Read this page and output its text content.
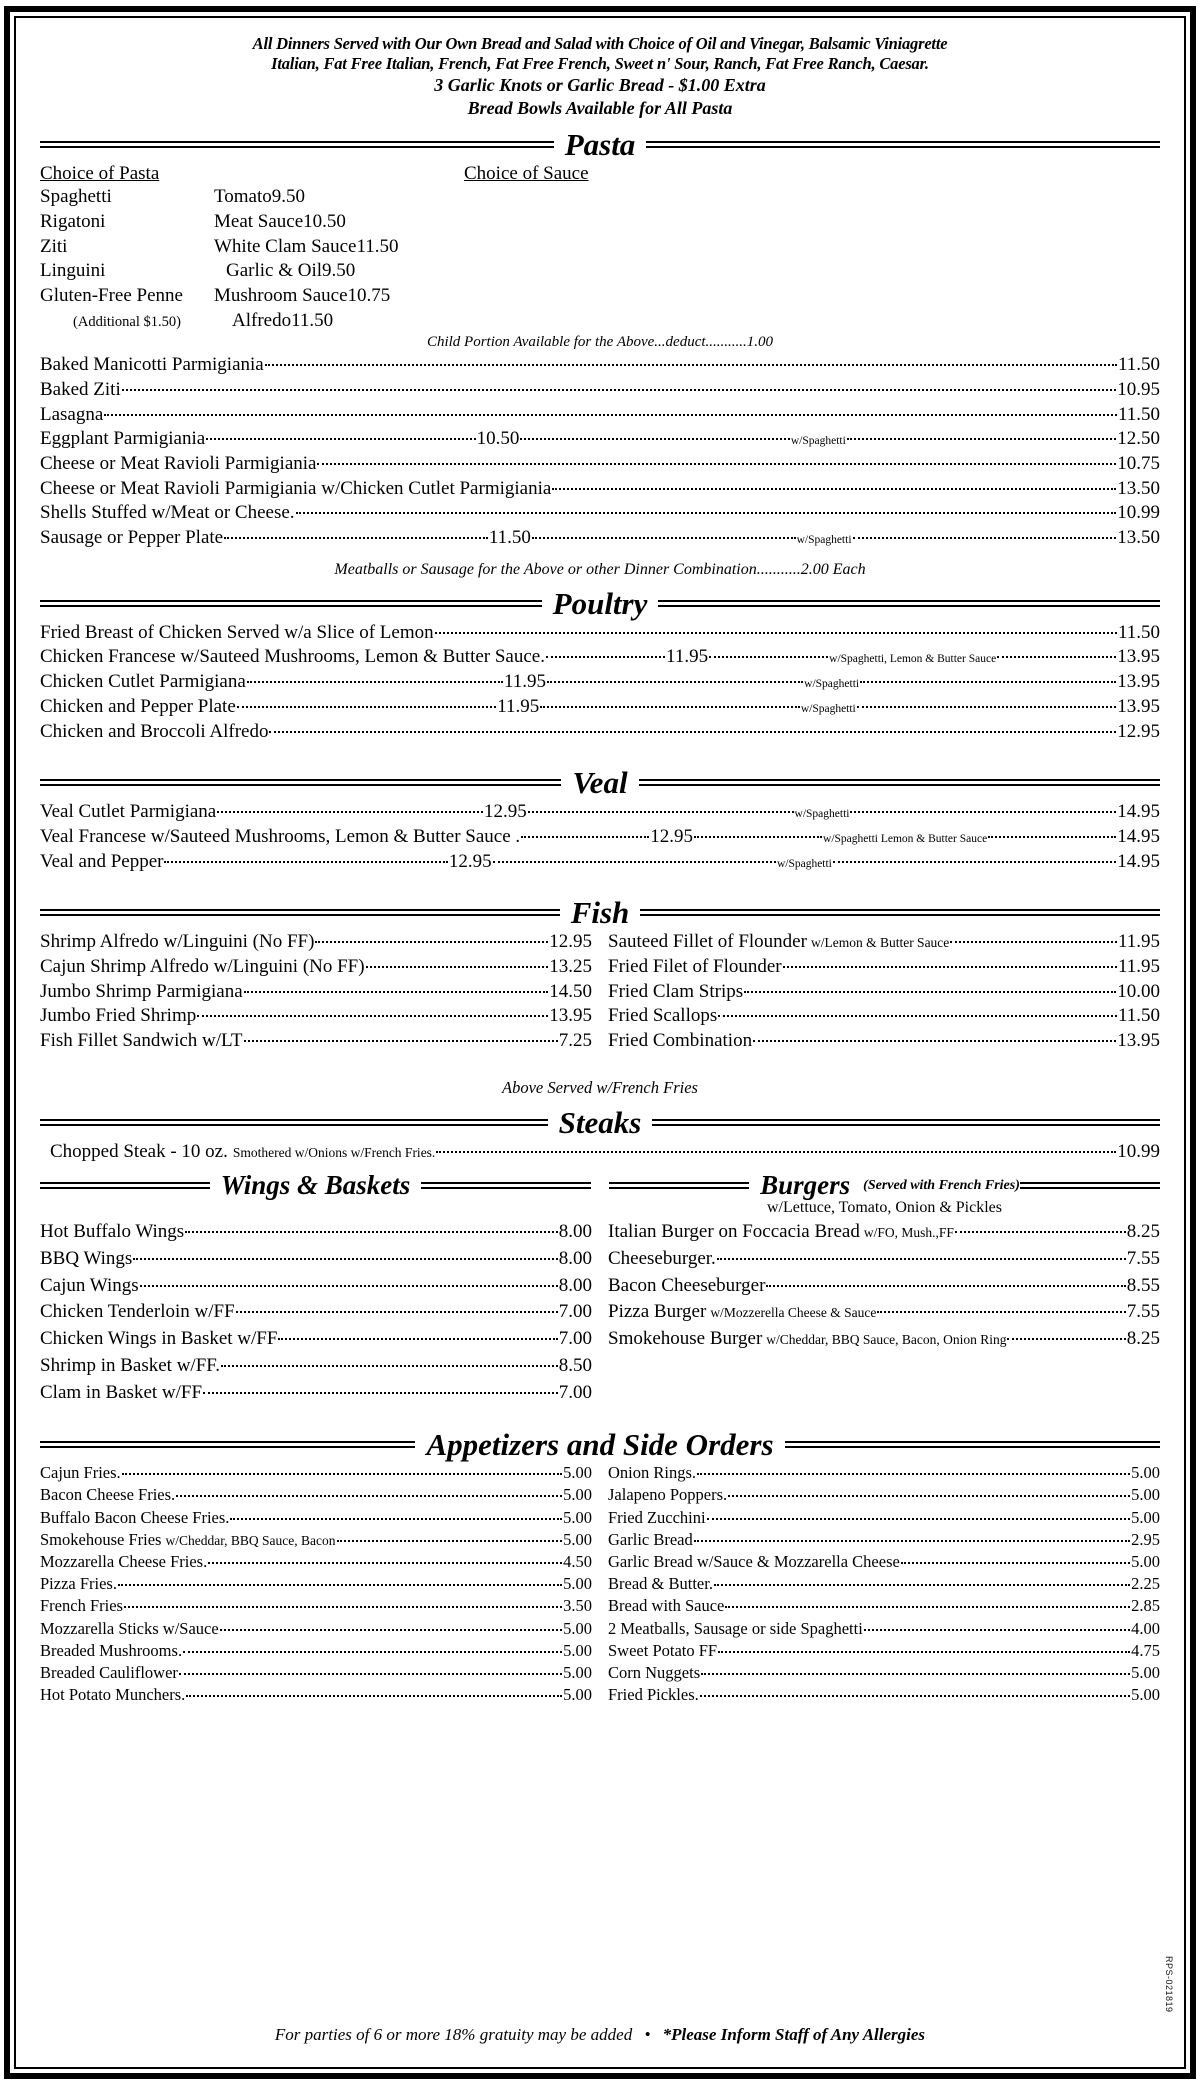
All Dinners Served with Our Own Bread and Salad with Choice of Oil and Vinegar, Balsamic Viniagrette
Italian, Fat Free Italian, French, Fat Free French, Sweet n' Sour, Ranch, Fat Free Ranch, Caesar.
3 Garlic Knots or Garlic Bread - $1.00 Extra
Bread Bowls Available for All Pasta
Pasta
Choice of Pasta	Choice of Sauce
Spaghetti	Tomato 9.50
Rigatoni	Meat Sauce 10.50
Ziti	White Clam Sauce 11.50
Linguini	Garlic & Oil 9.50
Gluten-Free Penne	Mushroom Sauce 10.75
(Additional $1.50)	Alfredo 11.50
Child Portion Available for the Above...deduct...........1.00
Baked Manicotti Parmigiania	11.50
Baked Ziti	10.95
Lasagna	11.50
Eggplant Parmigiania	10.50	w/Spaghetti	12.50
Cheese or Meat Ravioli Parmigiania	10.75
Cheese or Meat Ravioli Parmigiania w/Chicken Cutlet Parmigiania	13.50
Shells Stuffed w/Meat or Cheese.	10.99
Sausage or Pepper Plate	11.50	w/Spaghetti	13.50
Meatballs or Sausage for the Above or other Dinner Combination...........2.00 Each
Poultry
Fried Breast of Chicken Served w/a Slice of Lemon	11.50
Chicken Francese w/Sauteed Mushrooms, Lemon & Butter Sauce.	11.95	w/Spaghetti, Lemon & Butter Sauce	13.95
Chicken Cutlet Parmigiana	11.95	w/Spaghetti	13.95
Chicken and Pepper Plate	11.95	w/Spaghetti	13.95
Chicken and Broccoli Alfredo	12.95
Veal
Veal Cutlet Parmigiana	12.95	w/Spaghetti	14.95
Veal Francese w/Sauteed Mushrooms, Lemon & Butter Sauce .	12.95	w/Spaghetti Lemon & Butter Sauce	14.95
Veal and Pepper	12.95	w/Spaghetti	14.95
Fish
Shrimp Alfredo w/Linguini (No FF)	12.95
Cajun Shrimp Alfredo w/Linguini (No FF)	13.25
Jumbo Shrimp Parmigiana	14.50
Jumbo Fried Shrimp	13.95
Fish Fillet Sandwich w/LT	7.25
Sauteed Fillet of Flounder w/Lemon & Butter Sauce	11.95
Fried Filet of Flounder	11.95
Fried Clam Strips	10.00
Fried Scallops	11.50
Fried Combination	13.95
Above Served w/French Fries
Steaks
Chopped Steak - 10 oz. Smothered w/Onions w/French Fries.	10.99
Wings & Baskets	Burgers (Served with French Fries)
w/Lettuce, Tomato, Onion & Pickles
Hot Buffalo Wings	8.00
BBQ Wings	8.00
Cajun Wings	8.00
Chicken Tenderloin w/FF	7.00
Chicken Wings in Basket w/FF	7.00
Shrimp in Basket w/FF.	8.50
Clam in Basket w/FF	7.00
Italian Burger on Foccacia Bread w/FO, Mush.,FF	8.25
Cheeseburger.	7.55
Bacon Cheeseburger	8.55
Pizza Burger w/Mozzerella Cheese & Sauce	7.55
Smokehouse Burger w/Cheddar, BBQ Sauce, Bacon, Onion Ring	8.25
Appetizers and Side Orders
Cajun Fries.	5.00
Bacon Cheese Fries.	5.00
Buffalo Bacon Cheese Fries.	5.00
Smokehouse Fries w/Cheddar, BBQ Sauce, Bacon	5.00
Mozzarella Cheese Fries.	4.50
Pizza Fries.	5.00
French Fries	3.50
Mozzarella Sticks w/Sauce	5.00
Breaded Mushrooms.	5.00
Breaded Cauliflower	5.00
Hot Potato Munchers.	5.00
Onion Rings.	5.00
Jalapeno Poppers.	5.00
Fried Zucchini	5.00
Garlic Bread	2.95
Garlic Bread w/Sauce & Mozzarella Cheese	5.00
Bread & Butter.	2.25
Bread with Sauce	2.85
2 Meatballs, Sausage or side Spaghetti	4.00
Sweet Potato FF	4.75
Corn Nuggets	5.00
Fried Pickles.	5.00
For parties of 6 or more 18% gratuity may be added • *Please Inform Staff of Any Allergies
RPS-021819
